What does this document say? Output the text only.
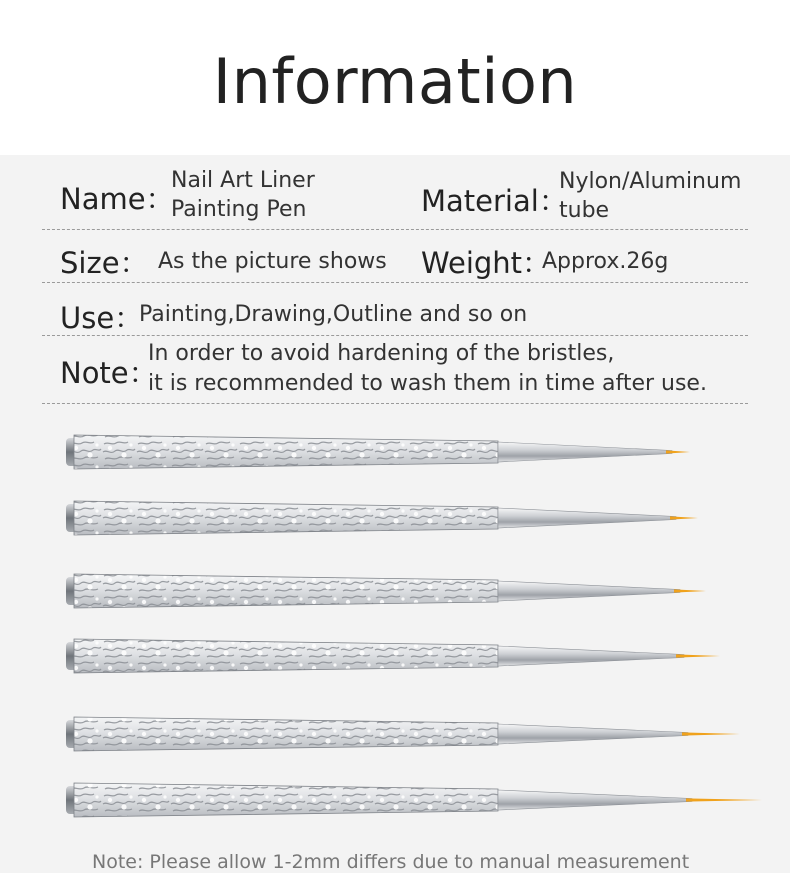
Information
Name：
Nail Art Liner
Painting Pen	Material：
Nylon/Aluminum
tube
Size： As the picture shows Weight：
Approx.26g
Use：
Painting,Drawing,Outline and so on
Note：
In order to avoid hardening of the bristles,
it is recommended to wash them in time after use.
Note: Please allow 1-2mm differs due to manual measurement
